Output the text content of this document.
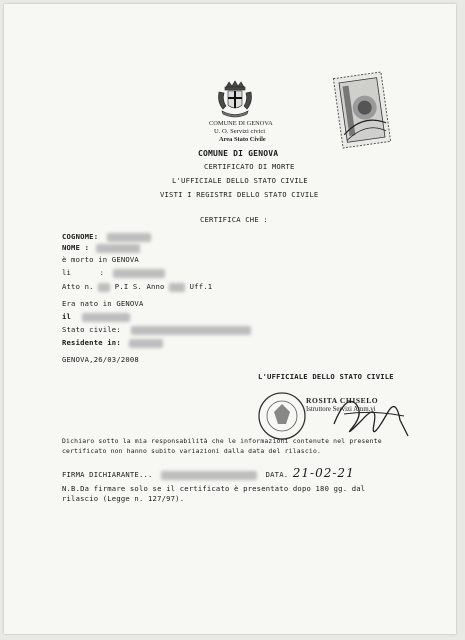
COMUNE DI GENOVA
U. O. Servizi civici
Area Stato Civile
COMUNE DI GENOVA
CERTIFICATO DI MORTE
L'UFFICIALE DELLO STATO CIVILE
VISTI I REGISTRI DELLO STATO CIVILE
CERTIFICA CHE :
COGNOME:
NOME :
è morto in GENOVA
li	:
Atto n.	P.I S. Anno	Uff.1
Era nato in GENOVA
il
Stato civile:
Residente in:
GENOVA,26/03/2008
L'UFFICIALE DELLO STATO CIVILE
ROSITA CHISELO
Istruttore Servizi Amm.vi
Dichiaro sotto la mia responsabilità che le informazioni contenute nel presente
certificato non hanno subito variazioni dalla data del rilascio.
FIRMA DICHIARANTE...	DATA. 21-02-21
N.B.Da firmare solo se il certificato è presentato dopo 180 gg. dal
rilascio (Legge n. 127/97).
